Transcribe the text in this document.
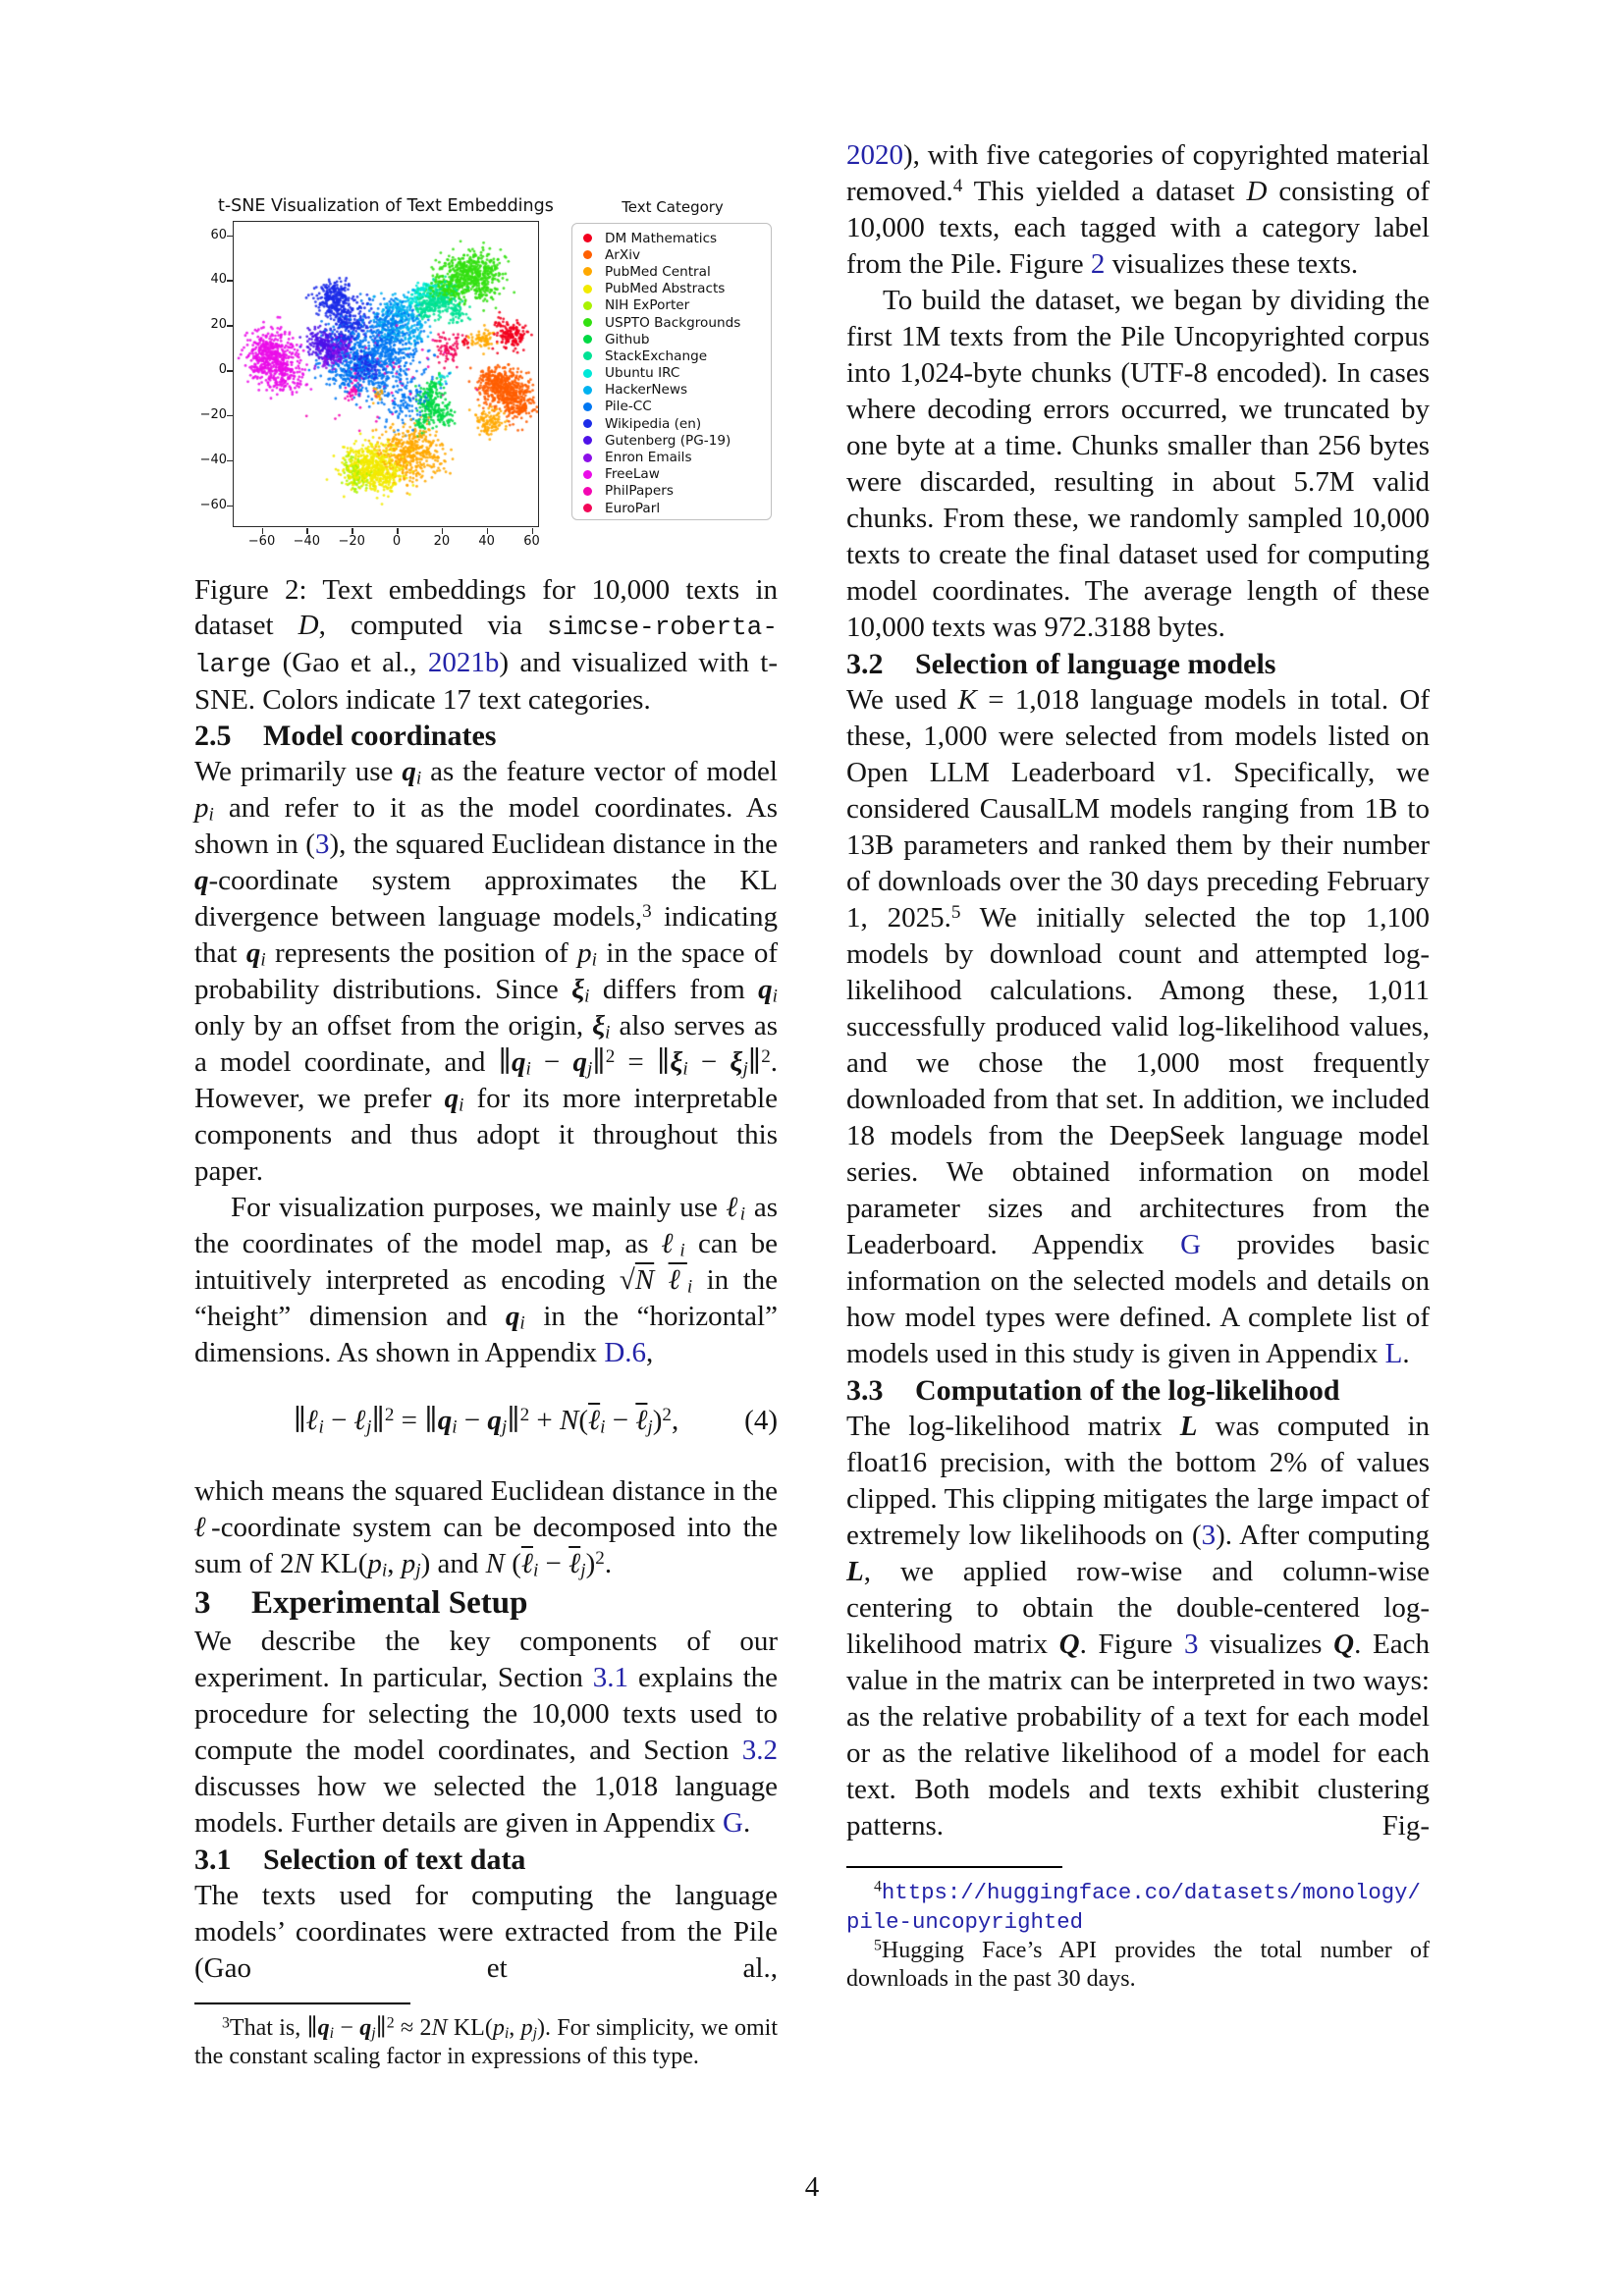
t-SNE Visualization of Text Embeddings
−60	−40	−20	0	20	40	60
60
40
20
0
−20
−40
−60
Text Category
DM Mathematics
ArXiv
PubMed Central
PubMed Abstracts
NIH ExPorter
USPTO Backgrounds
Github
StackExchange
Ubuntu IRC
HackerNews
Pile-CC
Wikipedia (en)
Gutenberg (PG-19)
Enron Emails
FreeLaw
PhilPapers
EuroParl

Figure 2: Text embeddings for 10,000 texts in dataset D, computed via simcse-roberta-large (Gao et al., 2021b) and visualized with t-SNE. Colors indicate 17 text categories.

2.5 Model coordinates

We primarily use qi as the feature vector of model pi and refer to it as the model coordinates. As shown in (3), the squared Euclidean distance in the q-coordinate system approximates the KL divergence between language models,$^3$ indicating that qi represents the position of pi in the space of probability distributions. Since ξi differs from qi only by an offset from the origin, ξi also serves as a model coordinate, and ∥qi − qj∥$^2$ = ∥ξi − ξj∥$^2$. However, we prefer qi for its more interpretable components and thus adopt it throughout this paper.

For visualization purposes, we mainly use ℓi as the coordinates of the model map, as ℓi can be intuitively interpreted as encoding √N ℓi in the “height” dimension and qi in the “horizontal” dimensions. As shown in Appendix D.6,

∥ℓi − ℓj∥$^2$ = ∥qi − qj∥$^2$ + N(ℓi − ℓj)$^2$, (4)

which means the squared Euclidean distance in the ℓ-coordinate system can be decomposed into the sum of 2N KL(pi, pj) and N (ℓi − ℓj)$^2$.

3 Experimental Setup

We describe the key components of our experiment. In particular, Section 3.1 explains the procedure for selecting the 10,000 texts used to compute the model coordinates, and Section 3.2 discusses how we selected the 1,018 language models. Further details are given in Appendix G.

3.1 Selection of text data

The texts used for computing the language models’ coordinates were extracted from the Pile (Gao et al.,

$^3$That is, ∥qi − qj∥$^2$ ≈ 2N KL(pi, pj). For simplicity, we omit the constant scaling factor in expressions of this type.

2020), with five categories of copyrighted material removed.$^4$ This yielded a dataset D consisting of 10,000 texts, each tagged with a category label from the Pile. Figure 2 visualizes these texts.

To build the dataset, we began by dividing the first 1M texts from the Pile Uncopyrighted corpus into 1,024-byte chunks (UTF-8 encoded). In cases where decoding errors occurred, we truncated by one byte at a time. Chunks smaller than 256 bytes were discarded, resulting in about 5.7M valid chunks. From these, we randomly sampled 10,000 texts to create the final dataset used for computing model coordinates. The average length of these 10,000 texts was 972.3188 bytes.

3.2 Selection of language models

We used K = 1,018 language models in total. Of these, 1,000 were selected from models listed on Open LLM Leaderboard v1. Specifically, we considered CausalLM models ranging from 1B to 13B parameters and ranked them by their number of downloads over the 30 days preceding February 1, 2025.$^5$ We initially selected the top 1,100 models by download count and attempted log-likelihood calculations. Among these, 1,011 successfully produced valid log-likelihood values, and we chose the 1,000 most frequently downloaded from that set. In addition, we included 18 models from the DeepSeek language model series. We obtained information on model parameter sizes and architectures from the Leaderboard. Appendix G provides basic information on the selected models and details on how model types were defined. A complete list of models used in this study is given in Appendix L.

3.3 Computation of the log-likelihood

The log-likelihood matrix L was computed in float16 precision, with the bottom 2% of values clipped. This clipping mitigates the large impact of extremely low likelihoods on (3). After computing L, we applied row-wise and column-wise centering to obtain the double-centered log-likelihood matrix Q. Figure 3 visualizes Q. Each value in the matrix can be interpreted in two ways: as the relative probability of a text for each model or as the relative likelihood of a model for each text. Both models and texts exhibit clustering patterns. Fig-

$^4$https://huggingface.co/datasets/monology/
pile-uncopyrighted

$^5$Hugging Face’s API provides the total number of downloads in the past 30 days.

4
